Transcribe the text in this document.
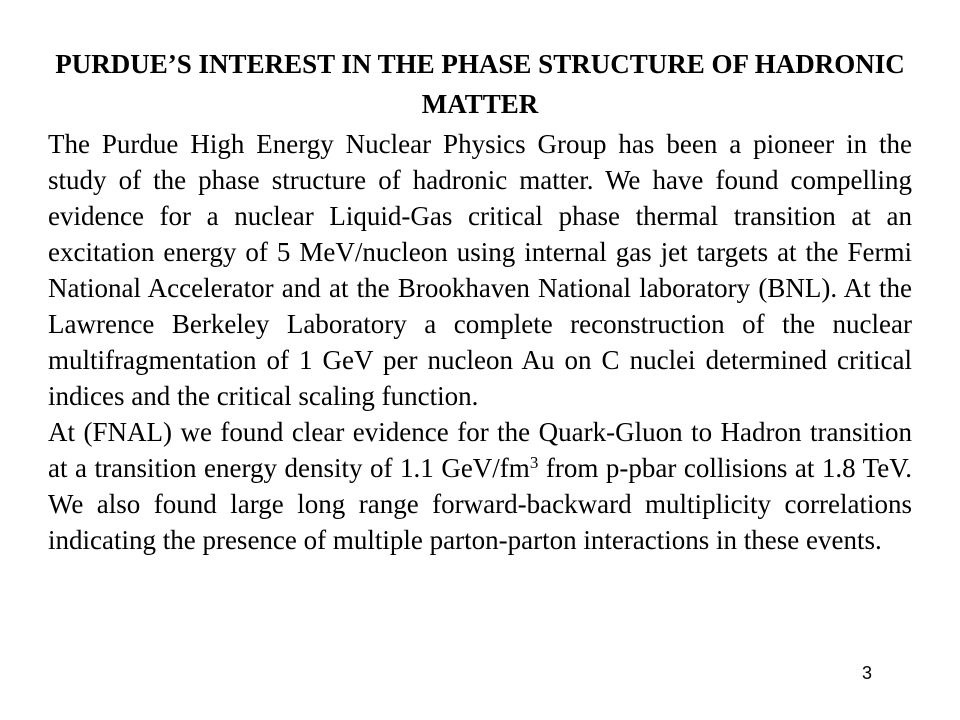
PURDUE’S INTEREST IN THE PHASE STRUCTURE OF HADRONIC MATTER

The Purdue High Energy Nuclear Physics Group has been a pioneer in the study of the phase structure of hadronic matter. We have found compelling evidence for a nuclear Liquid-Gas critical phase thermal transition at an excitation energy of 5 MeV/nucleon using internal gas jet targets at the Fermi National Accelerator and at the Brookhaven National laboratory (BNL). At the Lawrence Berkeley Laboratory a complete reconstruction of the nuclear multifragmentation of 1 GeV per nucleon Au on C nuclei determined critical indices and the critical scaling function.

At (FNAL) we found clear evidence for the Quark-Gluon to Hadron transition at a transition energy density of 1.1 GeV/$fm^3$ from p-pbar collisions at 1.8 TeV. We also found large long range forward-backward multiplicity correlations indicating the presence of multiple parton-parton interactions in these events.

3
